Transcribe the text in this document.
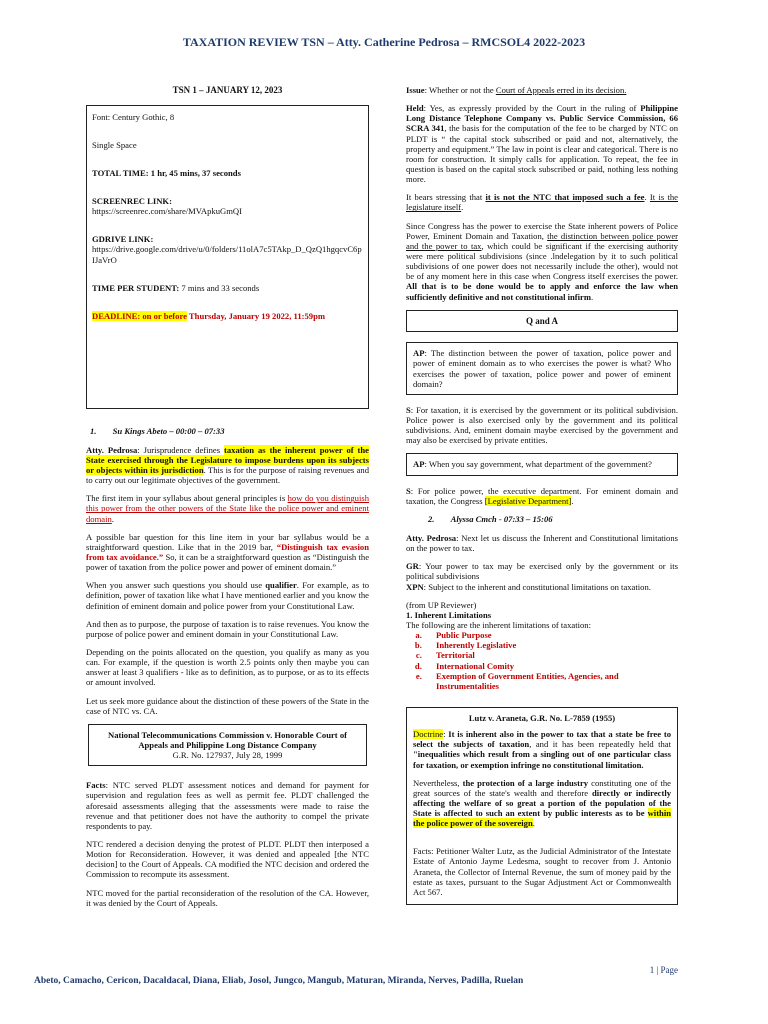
TAXATION REVIEW TSN – Atty. Catherine Pedrosa – RMCSOL4 2022-2023
TSN 1 – JANUARY 12, 2023
Font: Century Gothic, 8
Single Space
TOTAL TIME: 1 hr, 45 mins, 37 seconds
SCREENREC LINK:
https://screenrec.com/share/MVApkuGmQI
GDRIVE LINK:
https://drive.google.com/drive/u/0/folders/11olA7c5TAkp_D_QzQ1hgqcvC6pIJaVrO
TIME PER STUDENT: 7 mins and 33 seconds
DEADLINE: on or before Thursday, January 19 2022, 11:59pm
1. Su Kings Abeto – 00:00 – 07:33

Atty. Pedrosa: Jurisprudence defines taxation as the inherent power of the State exercised through the Legislature to impose burdens upon its subjects or objects within its jurisdiction. This is for the purpose of raising revenues and to carry out our legitimate objectives of the government.

The first item in your syllabus about general principles is how do you distinguish this power from the other powers of the State like the police power and eminent domain.

A possible bar question for this line item in your bar syllabus would be a straightforward question. Like that in the 2019 bar, “Distinguish tax evasion from tax avoidance.” So, it can be a straightforward question as “Distinguish the power of taxation from the police power and power of eminent domain.”

When you answer such questions you should use qualifier. For example, as to definition, power of taxation like what I have mentioned earlier and you know the definition of eminent domain and police power from your Constitutional Law.

And then as to purpose, the purpose of taxation is to raise revenues. You know the purpose of police power and eminent domain in your Constitutional Law.

Depending on the points allocated on the question, you qualify as many as you can. For example, if the question is worth 2.5 points only then maybe you can answer at least 3 qualifiers - like as to definition, as to purpose, or as to its effects or amount involved.

Let us seek more guidance about the distinction of these powers of the State in the case of NTC vs. CA.

National Telecommunications Commission v. Honorable Court of Appeals and Philippine Long Distance Company
G.R. No. 127937, July 28, 1999

Facts: NTC served PLDT assessment notices and demand for payment for supervision and regulation fees as well as permit fee. PLDT challenged the aforesaid assessments alleging that the assessments were made to raise the revenue and that petitioner does not have the authority to compel the private respondents to pay.

NTC rendered a decision denying the protest of PLDT. PLDT then interposed a Motion for Reconsideration. However, it was denied and appealed [the NTC decision] to the Court of Appeals. CA modified the NTC decision and ordered the Commission to recompute its assessment.

NTC moved for the partial reconsideration of the resolution of the CA. However, it was denied by the Court of Appeals.

Issue: Whether or not the Court of Appeals erred in its decision.

Held: Yes, as expressly provided by the Court in the ruling of Philippine Long Distance Telephone Company vs. Public Service Commission, 66 SCRA 341, the basis for the computation of the fee to be charged by NTC on PLDT is “ the capital stock subscribed or paid and not, alternatively, the property and equipment.” The law in point is clear and categorical. There is no room for construction. It simply calls for application. To repeat, the fee in question is based on the capital stock subscribed or paid, nothing less nothing more.

It bears stressing that it is not the NTC that imposed such a fee. It is the legislature itself.

Since Congress has the power to exercise the State inherent powers of Police Power, Eminent Domain and Taxation, the distinction between police power and the power to tax, which could be significant if the exercising authority were mere political subdivisions (since .lndelegation by it to such political subdivisions of one power does not necessarily include the other), would not be of any moment here in this case when Congress itself exercises the power. All that is to be done would be to apply and enforce the law when sufficiently definitive and not constitutional infirm.

Q and A
AP: The distinction between the power of taxation, police power and power of eminent domain as to who exercises the power is what? Who exercises the power of taxation, police power and power of eminent domain?

S: For taxation, it is exercised by the government or its political subdivision. Police power is also exercised only by the government and its political subdivisions. And, eminent domain maybe exercised by the government and may also be exercised by private entities.

AP: When you say government, what department of the government?

S: For police power, the executive department. For eminent domain and taxation, the Congress [Legislative Department].

2. Alyssa Cmch - 07:33 – 15:06

Atty. Pedrosa: Next let us discuss the Inherent and Constitutional limitations on the power to tax.

GR: Your power to tax may be exercised only by the government or its political subdivisions

XPN: Subject to the inherent and constitutional limitations on taxation.

(from UP Reviewer)
1. Inherent Limitations
The following are the inherent limitations of taxation:
a. Public Purpose
b. Inherently Legislative
c. Territorial
d. International Comity
e. Exemption of Government Entities, Agencies, and Instrumentalities
Lutz v. Araneta, G.R. No. L-7859 (1955)

Doctrine: It is inherent also in the power to tax that a state be free to select the subjects of taxation, and it has been repeatedly held that "inequalities which result from a singling out of one particular class for taxation, or exemption infringe no constitutional limitation.

Nevertheless, the protection of a large industry constituting one of the great sources of the state's wealth and therefore directly or indirectly affecting the welfare of so great a portion of the population of the State is affected to such an extent by public interests as to be within the police power of the sovereign.

Facts: Petitioner Walter Lutz, as the Judicial Administrator of the Intestate Estate of Antonio Jayme Ledesma, sought to recover from J. Antonio Araneta, the Collector of Internal Revenue, the sum of money paid by the estate as taxes, pursuant to the Sugar Adjustment Act or Commonwealth Act 567.

1 | Page
Abeto, Camacho, Cericon, Dacaldacal, Diana, Eliab, Josol, Jungco, Mangub, Maturan, Miranda, Nerves, Padilla, Ruelan
